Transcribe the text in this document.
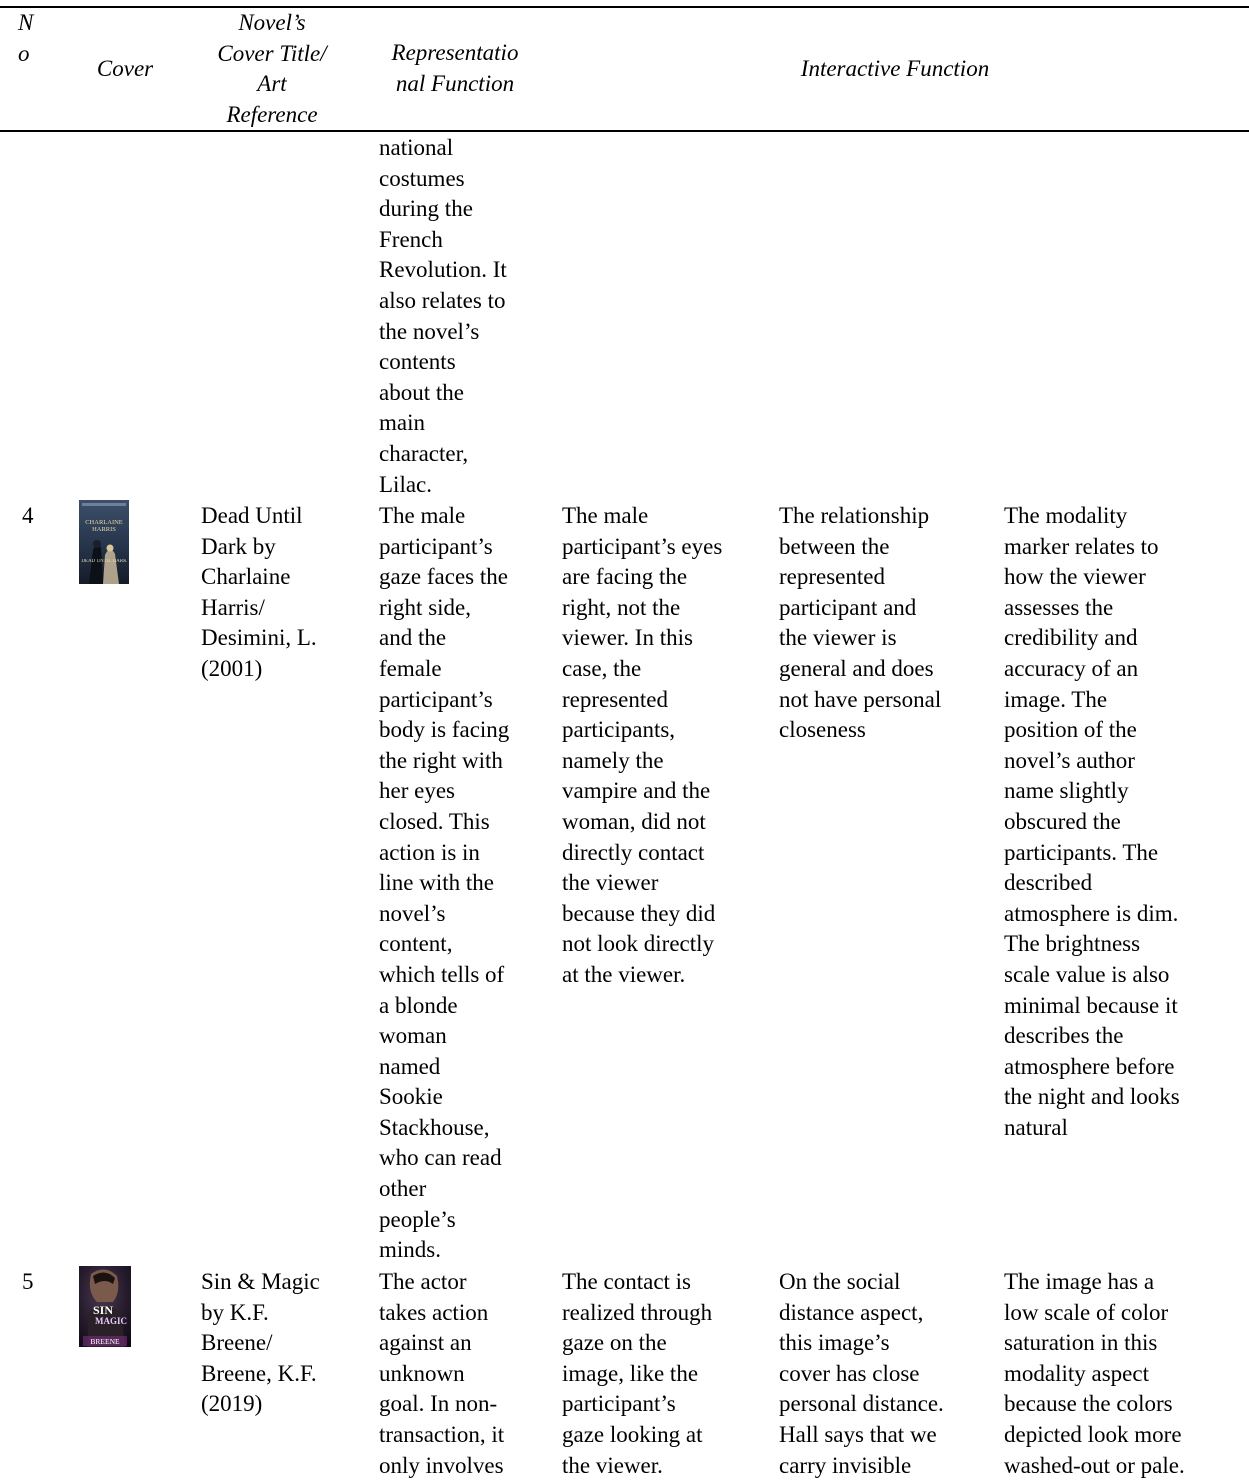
N
o
Cover
Novel’s
Cover Title/
Art
Reference
Representatio
nal Function
Interactive Function
national
costumes
during the
French
Revolution. It
also relates to
the novel’s
contents
about the
main
character,
Lilac.
4	CHARLAINE
HARRIS
DEAD UNTIL DARK
Dead Until
Dark by
Charlaine
Harris/
Desimini, L.
(2001)
The male
participant’s
gaze faces the
right side,
and the
female
participant’s
body is facing
the right with
her eyes
closed. This
action is in
line with the
novel’s
content,
which tells of
a blonde
woman
named
Sookie
Stackhouse,
who can read
other
people’s
minds.
The male
participant’s eyes
are facing the
right, not the
viewer. In this
case, the
represented
participants,
namely the
vampire and the
woman, did not
directly contact
the viewer
because they did
not look directly
at the viewer.
The relationship
between the
represented
participant and
the viewer is
general and does
not have personal
closeness
The modality
marker relates to
how the viewer
assesses the
credibility and
accuracy of an
image. The
position of the
novel’s author
name slightly
obscured the
participants. The
described
atmosphere is dim.
The brightness
scale value is also
minimal because it
describes the
atmosphere before
the night and looks
natural
5
SIN
MAGIC
BREENE
Sin & Magic
by K.F.
Breene/
Breene, K.F.
(2019)
The actor
takes action
against an
unknown
goal. In non-
transaction, it
only involves
The contact is
realized through
gaze on the
image, like the
participant’s
gaze looking at
the viewer.
On the social
distance aspect,
this image’s
cover has close
personal distance.
Hall says that we
carry invisible
The image has a
low scale of color
saturation in this
modality aspect
because the colors
depicted look more
washed-out or pale.
